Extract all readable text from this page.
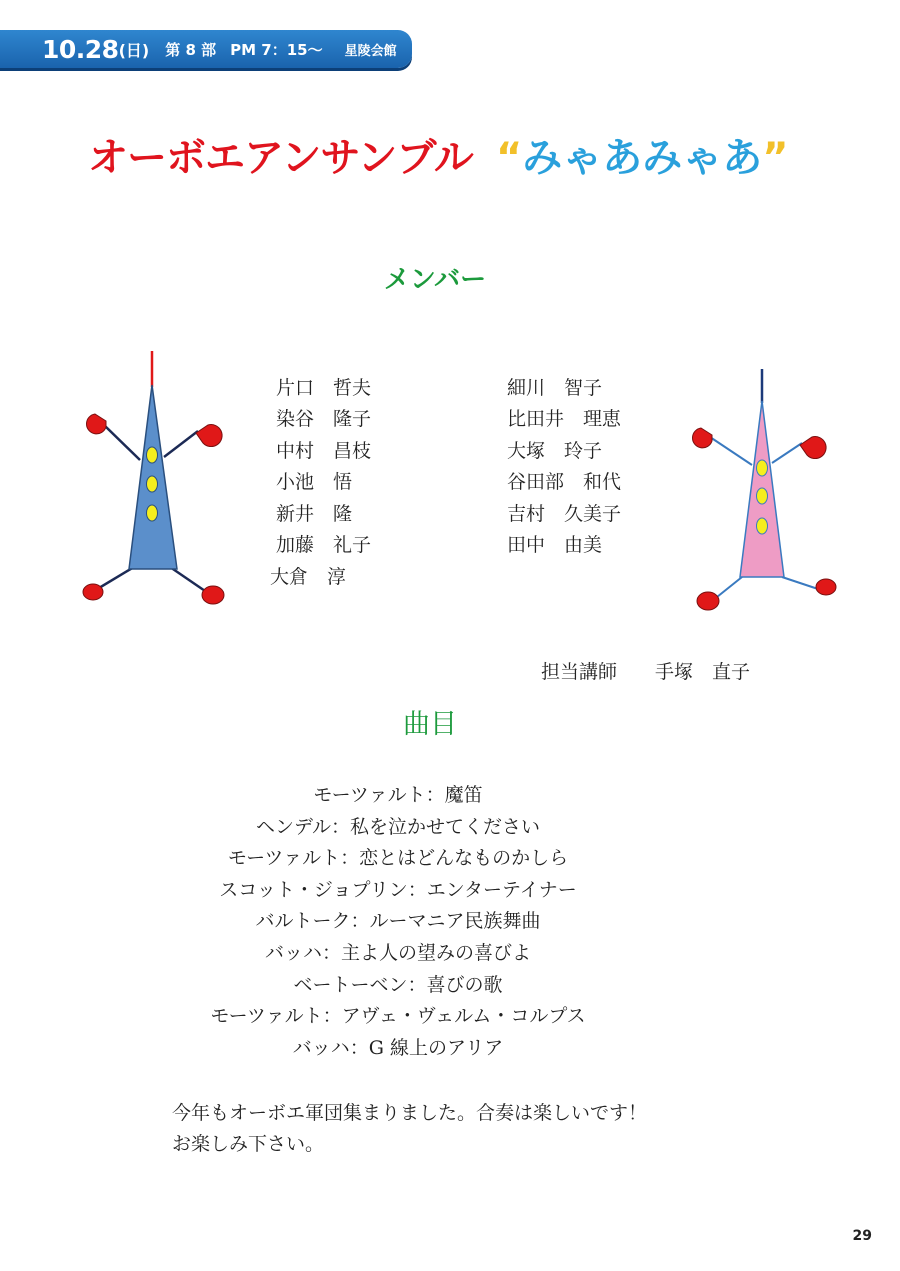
10.28 (日) 第 8 部 PM 7：15～ 星陵会館
オーボエアンサンブル “みゃあみゃあ”
メンバー
片口　哲夫
染谷　隆子
中村　昌枝
小池　悟
新井　隆
加藤　礼子
大倉　淳
細川　智子
比田井　理恵
大塚　玲子
谷田部　和代
吉村　久美子
田中　由美
担当講師　　手塚　直子
曲目
モーツァルト：魔笛
ヘンデル：私を泣かせてください
モーツァルト：恋とはどんなものかしら
スコット・ジョプリン：エンターテイナー
バルトーク：ルーマニア民族舞曲
バッハ：主よ人の望みの喜びよ
ベートーベン：喜びの歌
モーツァルト：アヴェ・ヴェルム・コルプス
バッハ：G 線上のアリア
今年もオーボエ軍団集まりました。合奏は楽しいです！
お楽しみ下さい。
29
